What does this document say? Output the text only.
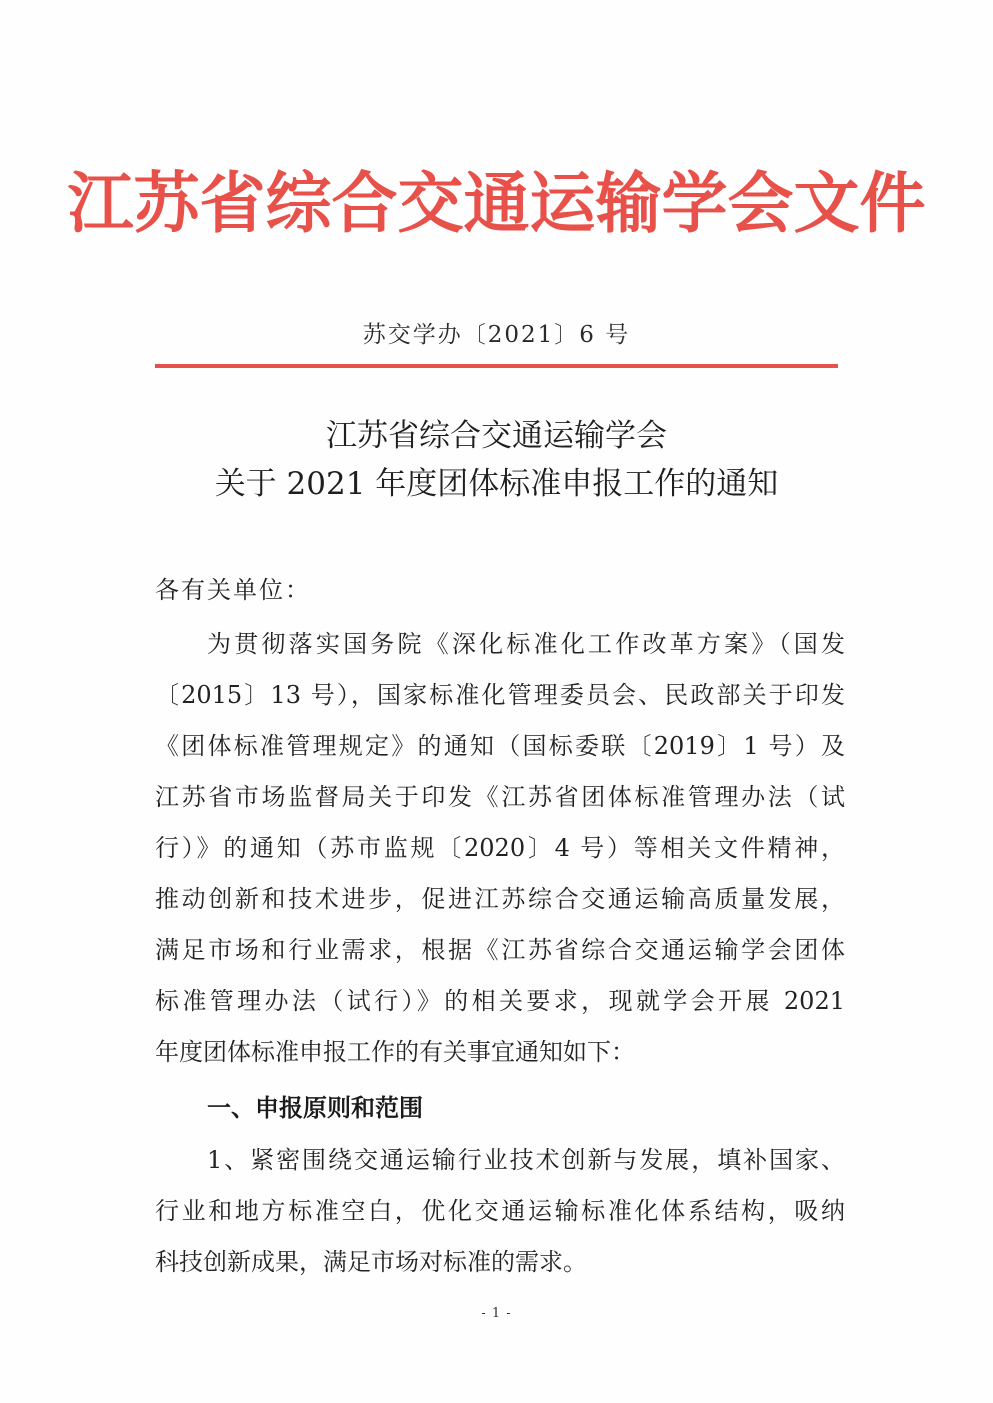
江苏省综合交通运输学会文件
苏交学办〔2021〕6 号
江苏省综合交通运输学会
关于 2021 年度团体标准申报工作的通知
各有关单位：
为贯彻落实国务院《深化标准化工作改革方案》（国发
〔2015〕13 号），国家标准化管理委员会、民政部关于印发
《团体标准管理规定》的通知（国标委联〔2019〕1 号）及
江苏省市场监督局关于印发《江苏省团体标准管理办法（试
行）》的通知（苏市监规〔2020〕4 号）等相关文件精神，
推动创新和技术进步，促进江苏综合交通运输高质量发展，
满足市场和行业需求，根据《江苏省综合交通运输学会团体
标准管理办法（试行）》的相关要求，现就学会开展 2021
年度团体标准申报工作的有关事宜通知如下：
一、申报原则和范围
1、紧密围绕交通运输行业技术创新与发展，填补国家、
行业和地方标准空白，优化交通运输标准化体系结构，吸纳
科技创新成果，满足市场对标准的需求。
- 1 -
